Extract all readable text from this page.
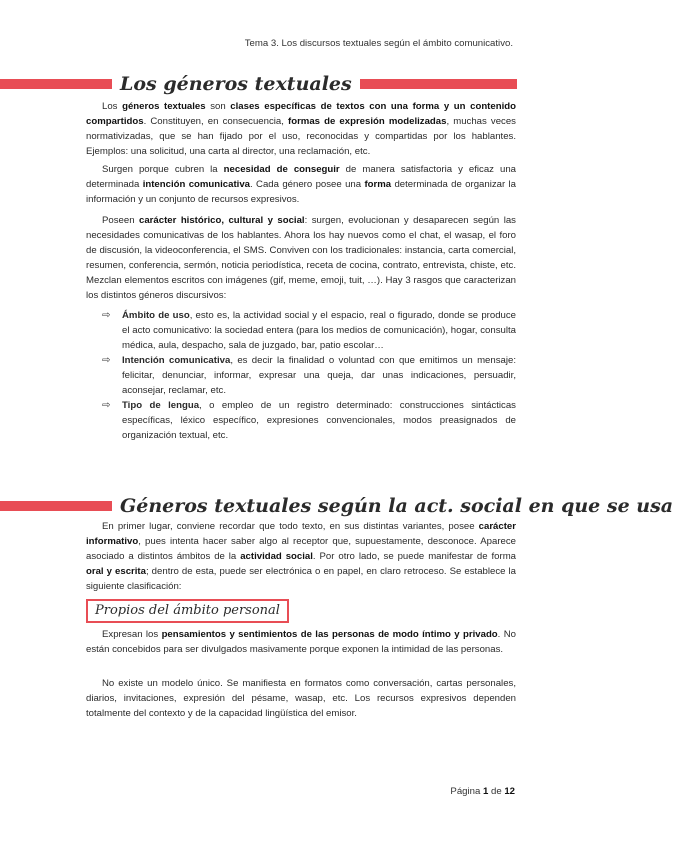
Tema 3. Los discursos textuales según el ámbito comunicativo.
Los géneros textuales

Los géneros textuales son clases específicas de textos con una forma y un contenido compartidos. Constituyen, en consecuencia, formas de expresión modelizadas, muchas veces normativizadas, que se han fijado por el uso, reconocidas y compartidas por los hablantes. Ejemplos: una solicitud, una carta al director, una reclamación, etc.

Surgen porque cubren la necesidad de conseguir de manera satisfactoria y eficaz una determinada intención comunicativa. Cada género posee una forma determinada de organizar la información y un conjunto de recursos expresivos.

Poseen carácter histórico, cultural y social: surgen, evolucionan y desaparecen según las necesidades comunicativas de los hablantes. Ahora los hay nuevos como el chat, el wasap, el foro de discusión, la videoconferencia, el SMS. Conviven con los tradicionales: instancia, carta comercial, resumen, conferencia, sermón, noticia periodística, receta de cocina, contrato, entrevista, chiste, etc. Mezclan elementos escritos con imágenes (gif, meme, emoji, tuit, …). Hay 3 rasgos que caracterizan los distintos géneros discursivos:

⇨ Ámbito de uso, esto es, la actividad social y el espacio, real o figurado, donde se produce el acto comunicativo: la sociedad entera (para los medios de comunicación), hogar, consulta médica, aula, despacho, sala de juzgado, bar, patio escolar…
⇨ Intención comunicativa, es decir la finalidad o voluntad con que emitimos un mensaje: felicitar, denunciar, informar, expresar una queja, dar unas indicaciones, persuadir, aconsejar, reclamar, etc.
⇨ Tipo de lengua, o empleo de un registro determinado: construcciones sintácticas específicas, léxico específico, expresiones convencionales, modos preasignados de organización textual, etc.
Géneros textuales según la act. social en que se usa

En primer lugar, conviene recordar que todo texto, en sus distintas variantes, posee carácter informativo, pues intenta hacer saber algo al receptor que, supuestamente, desconoce. Aparece asociado a distintos ámbitos de la actividad social. Por otro lado, se puede manifestar de forma oral y escrita; dentro de esta, puede ser electrónica o en papel, en claro retroceso. Se establece la siguiente clasificación:

Propios del ámbito personal

Expresan los pensamientos y sentimientos de las personas de modo íntimo y privado. No están concebidos para ser divulgados masivamente porque exponen la intimidad de las personas.

No existe un modelo único. Se manifiesta en formatos como conversación, cartas personales, diarios, invitaciones, expresión del pésame, wasap, etc. Los recursos expresivos dependen totalmente del contexto y de la capacidad lingüística del emisor.

Página 1 de 12
